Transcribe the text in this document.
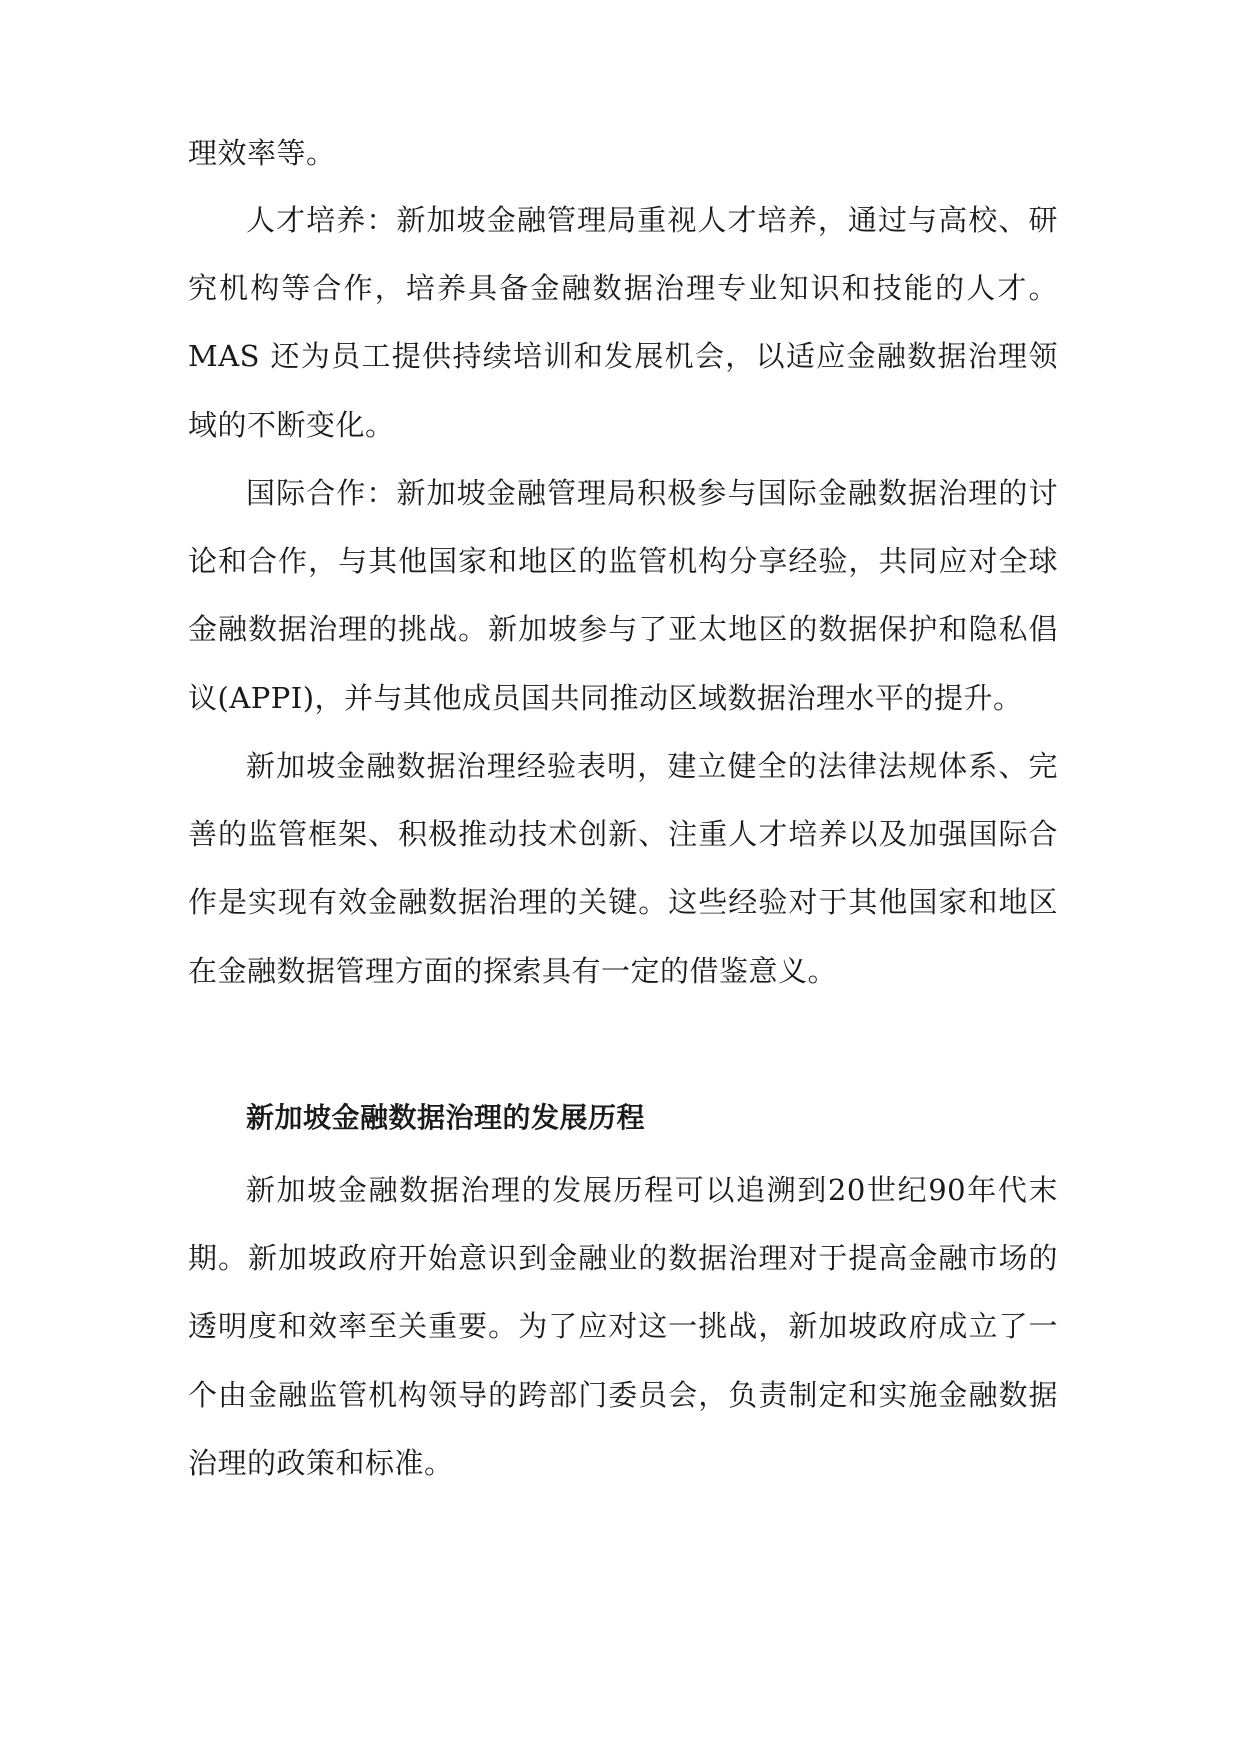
理效率等。

人才培养：新加坡金融管理局重视人才培养，通过与高校、研究机构等合作，培养具备金融数据治理专业知识和技能的人才。MAS 还为员工提供持续培训和发展机会，以适应金融数据治理领域的不断变化。

国际合作：新加坡金融管理局积极参与国际金融数据治理的讨论和合作，与其他国家和地区的监管机构分享经验，共同应对全球金融数据治理的挑战。新加坡参与了亚太地区的数据保护和隐私倡议(APPI)，并与其他成员国共同推动区域数据治理水平的提升。

新加坡金融数据治理经验表明，建立健全的法律法规体系、完善的监管框架、积极推动技术创新、注重人才培养以及加强国际合作是实现有效金融数据治理的关键。这些经验对于其他国家和地区在金融数据管理方面的探索具有一定的借鉴意义。

新加坡金融数据治理的发展历程

新加坡金融数据治理的发展历程可以追溯到20世纪90年代末期。新加坡政府开始意识到金融业的数据治理对于提高金融市场的透明度和效率至关重要。为了应对这一挑战，新加坡政府成立了一个由金融监管机构领导的跨部门委员会，负责制定和实施金融数据治理的政策和标准。
